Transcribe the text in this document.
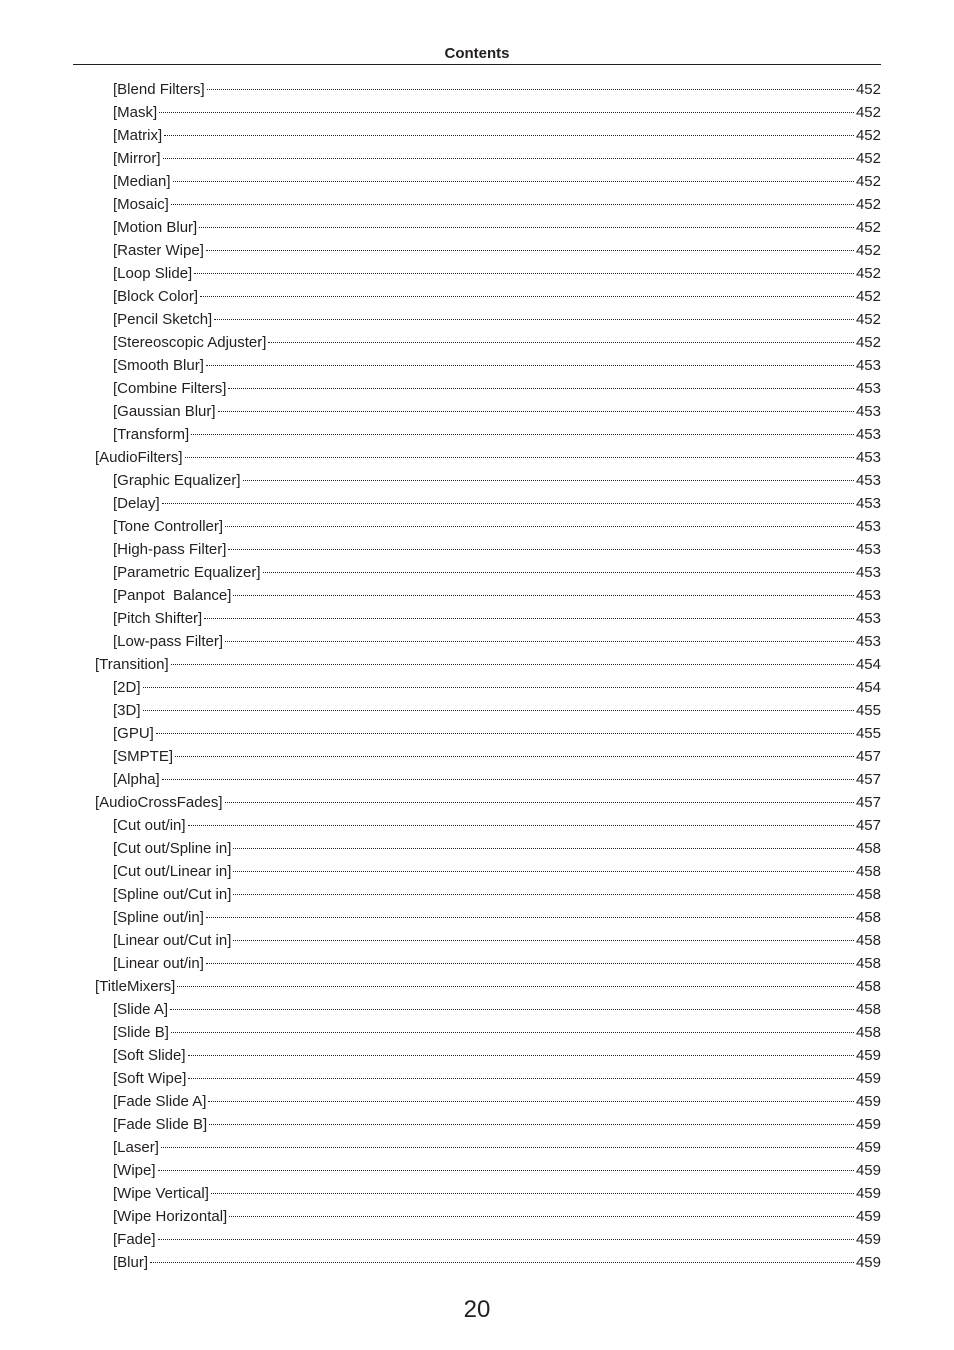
Contents
[Blend Filters]	452
[Mask]	452
[Matrix]	452
[Mirror]	452
[Median]	452
[Mosaic]	452
[Motion Blur]	452
[Raster Wipe]	452
[Loop Slide]	452
[Block Color]	452
[Pencil Sketch]	452
[Stereoscopic Adjuster]	452
[Smooth Blur]	453
[Combine Filters]	453
[Gaussian Blur]	453
[Transform]	453
[AudioFilters]	453
[Graphic Equalizer]	453
[Delay]	453
[Tone Controller]	453
[High-pass Filter]	453
[Parametric Equalizer]	453
[Panpot  Balance]	453
[Pitch Shifter]	453
[Low-pass Filter]	453
[Transition]	454
[2D]	454
[3D]	455
[GPU]	455
[SMPTE]	457
[Alpha]	457
[AudioCrossFades]	457
[Cut out/in]	457
[Cut out/Spline in]	458
[Cut out/Linear in]	458
[Spline out/Cut in]	458
[Spline out/in]	458
[Linear out/Cut in]	458
[Linear out/in]	458
[TitleMixers]	458
[Slide A]	458
[Slide B]	458
[Soft Slide]	459
[Soft Wipe]	459
[Fade Slide A]	459
[Fade Slide B]	459
[Laser]	459
[Wipe]	459
[Wipe Vertical]	459
[Wipe Horizontal]	459
[Fade]	459
[Blur]	459
20
